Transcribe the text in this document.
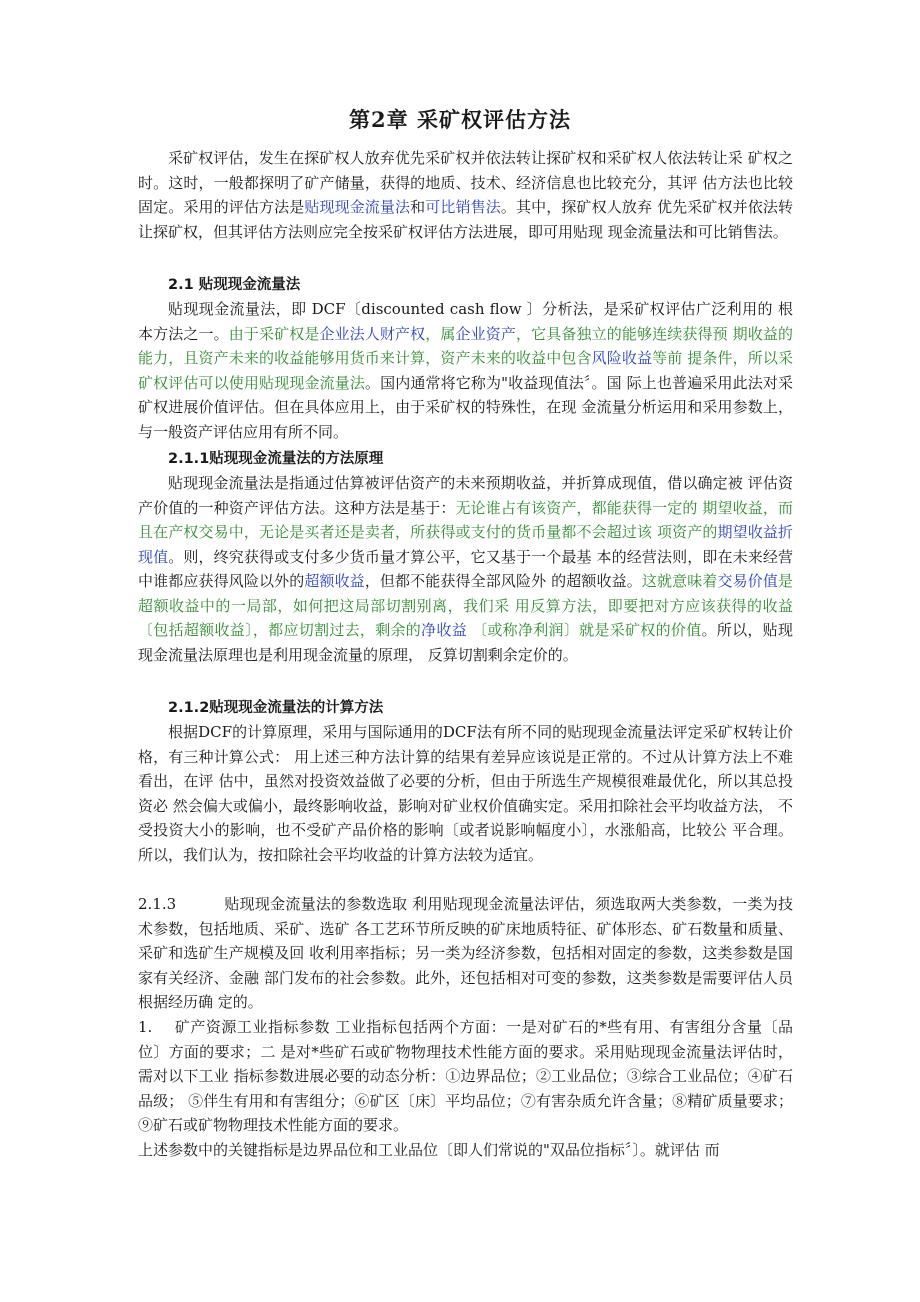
第2章 采矿权评估方法

采矿权评估，发生在探矿权人放弃优先采矿权并依法转让探矿权和采矿权人依法转让采 矿权之时。这时，一般都探明了矿产储量，获得的地质、技术、经济信息也比较充分，其评 估方法也比较固定。采用的评估方法是贴现现金流量法和可比销售法。其中，探矿权人放弃 优先采矿权并依法转让探矿权，但其评估方法则应完全按采矿权评估方法进展，即可用贴现 现金流量法和可比销售法。

2.1 贴现现金流量法

贴现现金流量法，即 DCF〔discounted cash flow 〕分析法，是采矿权评估广泛利用的 根本方法之一。由于采矿权是企业法人财产权，属企业资产，它具备独立的能够连续获得预 期收益的能力，且资产未来的收益能够用货币来计算，资产未来的收益中包含风险收益等前 提条件，所以采矿权评估可以使用贴现现金流量法。国内通常将它称为"收益现值法〞。国 际上也普遍采用此法对采矿权进展价值评估。但在具体应用上，由于采矿权的特殊性，在现 金流量分析运用和采用参数上，与一般资产评估应用有所不同。

2.1.1贴现现金流量法的方法原理

贴现现金流量法是指通过估算被评估资产的未来预期收益，并折算成现值，借以确定被 评估资产价值的一种资产评估方法。这种方法是基于：无论谁占有该资产，都能获得一定的 期望收益，而且在产权交易中，无论是买者还是卖者，所获得或支付的货币量都不会超过该 项资产的期望收益折现值。则，终究获得或支付多少货币量才算公平，它又基于一个最基 本的经营法则，即在未来经营中谁都应获得风险以外的超额收益，但都不能获得全部风险外 的超额收益。这就意味着交易价值是超额收益中的一局部，如何把这局部切割别离，我们采 用反算方法，即要把对方应该获得的收益〔包括超额收益〕，都应切割过去，剩余的净收益 〔或称净利润〕就是采矿权的价值。所以，贴现现金流量法原理也是利用现金流量的原理， 反算切割剩余定价的。

2.1.2贴现现金流量法的计算方法

根据DCF的计算原理，采用与国际通用的DCF法有所不同的贴现现金流量法评定采矿权转让价格，有三种计算公式： 用上述三种方法计算的结果有差异应该说是正常的。不过从计算方法上不难看出，在评 估中，虽然对投资效益做了必要的分析，但由于所选生产规模很难最优化，所以其总投资必 然会偏大或偏小，最终影响收益，影响对矿业权价值确实定。采用扣除社会平均收益方法， 不受投资大小的影响，也不受矿产品价格的影响〔或者说影响幅度小〕，水涨船高，比较公 平合理。所以，我们认为，按扣除社会平均收益的计算方法较为适宜。

2.1.3	贴现现金流量法的参数选取 利用贴现现金流量法评估，须选取两大类参数，一类为技术参数，包括地质、采矿、选矿 各工艺环节所反映的矿床地质特征、矿体形态、矿石数量和质量、采矿和选矿生产规模及回 收利用率指标；另一类为经济参数，包括相对固定的参数，这类参数是国家有关经济、金融 部门发布的社会参数。此外，还包括相对可变的参数，这类参数是需要评估人员根据经历确 定的。

1. 矿产资源工业指标参数 工业指标包括两个方面：一是对矿石的*些有用、有害组分含量〔品位〕方面的要求；二 是对*些矿石或矿物物理技术性能方面的要求。采用贴现现金流量法评估时，需对以下工业 指标参数进展必要的动态分析：①边界品位；②工业品位；③综合工业品位；④矿石品级； ⑤伴生有用和有害组分；⑥矿区〔床〕平均品位；⑦有害杂质允许含量；⑧精矿质量要求； ⑨矿石或矿物物理技术性能方面的要求。

上述参数中的关键指标是边界品位和工业品位〔即人们常说的"双品位指标〞〕。就评估 而
